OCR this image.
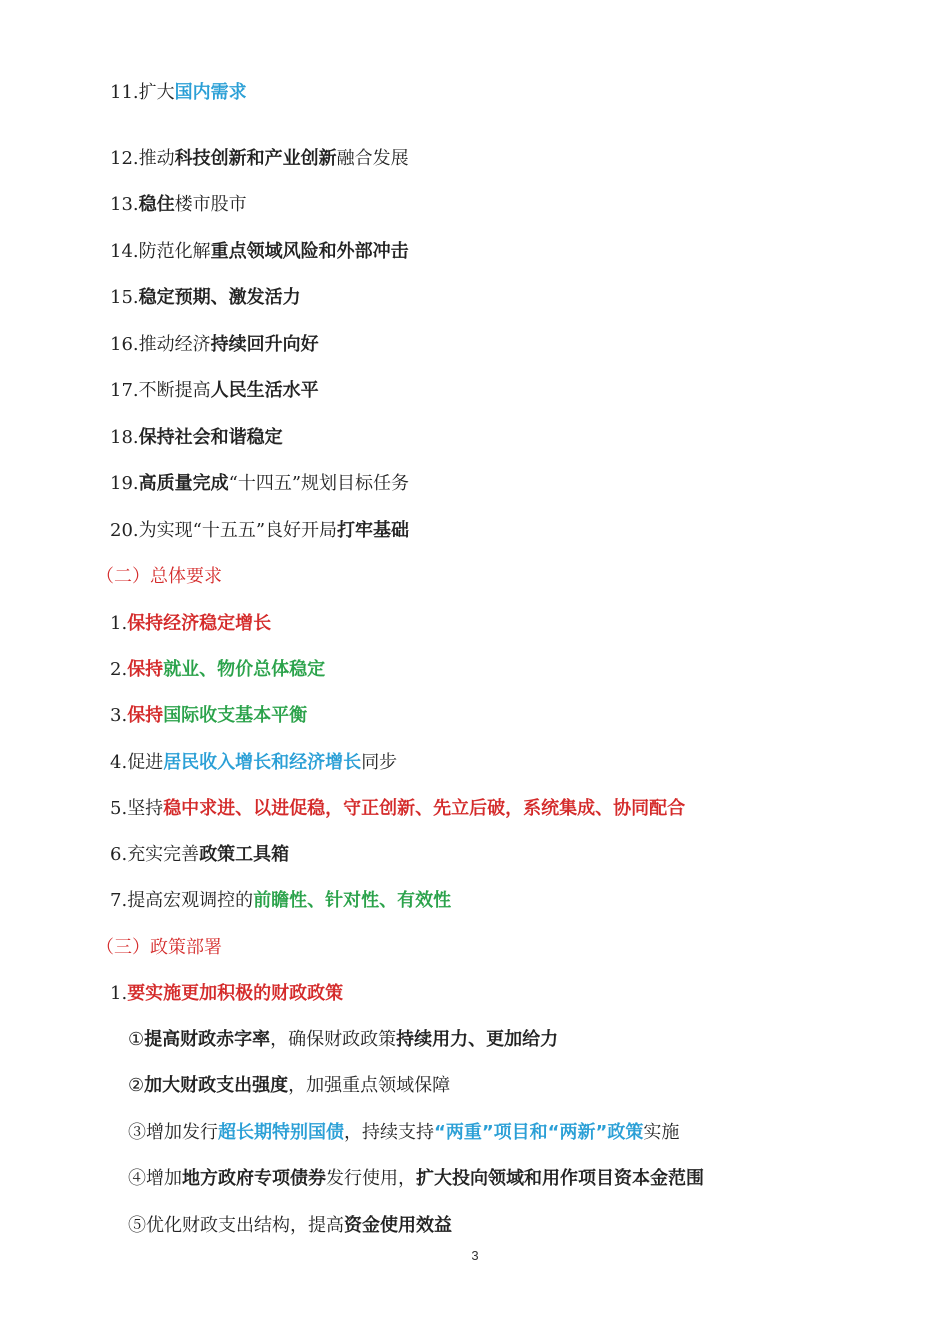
11.扩大国内需求
12.推动科技创新和产业创新融合发展
13.稳住楼市股市
14.防范化解重点领域风险和外部冲击
15.稳定预期、激发活力
16.推动经济持续回升向好
17.不断提高人民生活水平
18.保持社会和谐稳定
19.高质量完成“十四五”规划目标任务
20.为实现“十五五”良好开局打牢基础
（二）总体要求
1.保持经济稳定增长
2.保持就业、物价总体稳定
3.保持国际收支基本平衡
4.促进居民收入增长和经济增长同步
5.坚持稳中求进、以进促稳，守正创新、先立后破，系统集成、协同配合
6.充实完善政策工具箱
7.提高宏观调控的前瞻性、针对性、有效性
（三）政策部署
1.要实施更加积极的财政政策
①提高财政赤字率，确保财政政策持续用力、更加给力
②加大财政支出强度，加强重点领域保障
③增加发行超长期特别国债，持续支持“两重”项目和“两新”政策实施
④增加地方政府专项债券发行使用，扩大投向领域和用作项目资本金范围
⑤优化财政支出结构，提高资金使用效益
3
